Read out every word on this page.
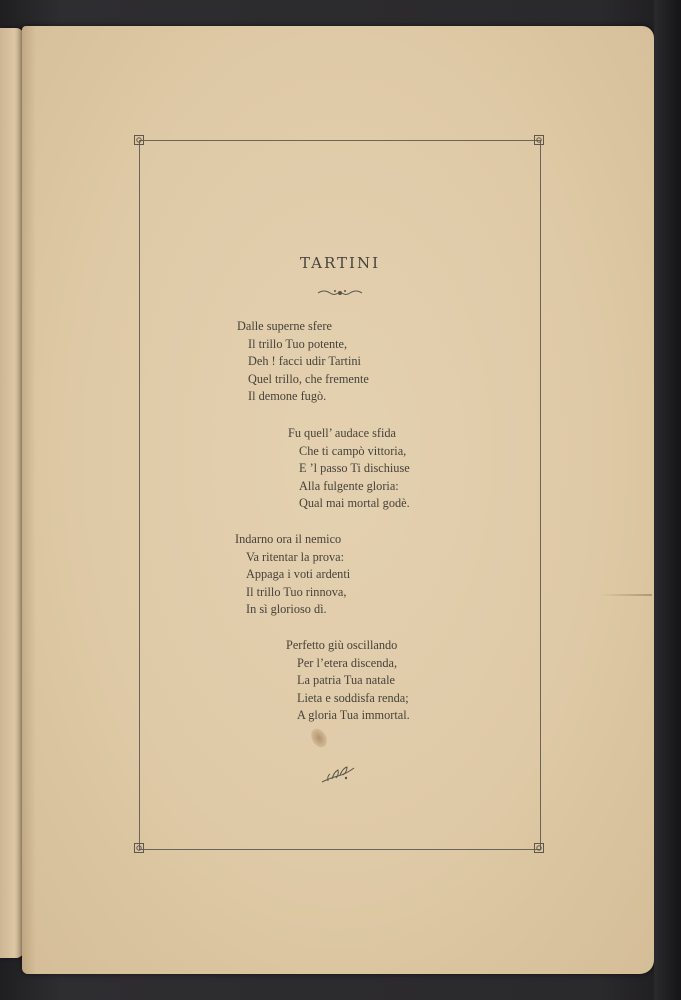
TARTINI
Dalle superne sfere
Il trillo Tuo potente,
Deh ! facci udir Tartini
Quel trillo, che fremente
Il demone fugò.
Fu quell’ audace sfida
Che ti campò vittoria,
E ’l passo Ti dischiuse
Alla fulgente gloria:
Qual mai mortal godè.
Indarno ora il nemico
Va ritentar la prova:
Appaga i voti ardenti
Il trillo Tuo rinnova,
In sì glorioso dì.
Perfetto giù oscillando
Per l’etera discenda,
La patria Tua natale
Lieta e soddisfa renda;
A gloria Tua immortal.
